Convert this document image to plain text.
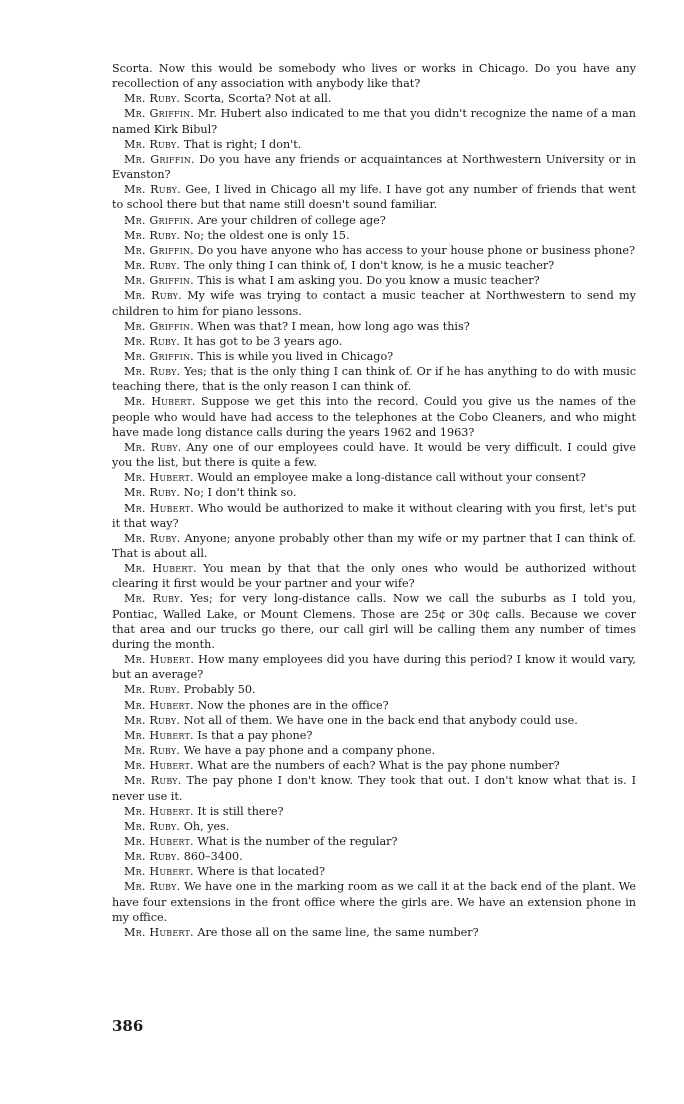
Scorta. Now this would be somebody who lives or works in Chicago. Do you have any recollection of any association with anybody like that?

Mr. Ruby. Scorta, Scorta? Not at all.

Mr. Griffin. Mr. Hubert also indicated to me that you didn't recognize the name of a man named Kirk Bibul?

Mr. Ruby. That is right; I don't.

Mr. Griffin. Do you have any friends or acquaintances at Northwestern University or in Evanston?

Mr. Ruby. Gee, I lived in Chicago all my life. I have got any number of friends that went to school there but that name still doesn't sound familiar.

Mr. Griffin. Are your children of college age?

Mr. Ruby. No; the oldest one is only 15.

Mr. Griffin. Do you have anyone who has access to your house phone or business phone?

Mr. Ruby. The only thing I can think of, I don't know, is he a music teacher?

Mr. Griffin. This is what I am asking you. Do you know a music teacher?

Mr. Ruby. My wife was trying to contact a music teacher at Northwestern to send my children to him for piano lessons.

Mr. Griffin. When was that? I mean, how long ago was this?

Mr. Ruby. It has got to be 3 years ago.

Mr. Griffin. This is while you lived in Chicago?

Mr. Ruby. Yes; that is the only thing I can think of. Or if he has anything to do with music teaching there, that is the only reason I can think of.

Mr. Hubert. Suppose we get this into the record. Could you give us the names of the people who would have had access to the telephones at the Cobo Cleaners, and who might have made long distance calls during the years 1962 and 1963?

Mr. Ruby. Any one of our employees could have. It would be very difficult. I could give you the list, but there is quite a few.

Mr. Hubert. Would an employee make a long-distance call without your consent?

Mr. Ruby. No; I don't think so.

Mr. Hubert. Who would be authorized to make it without clearing with you first, let's put it that way?

Mr. Ruby. Anyone; anyone probably other than my wife or my partner that I can think of. That is about all.

Mr. Hubert. You mean by that that the only ones who would be authorized without clearing it first would be your partner and your wife?

Mr. Ruby. Yes; for very long-distance calls. Now we call the suburbs as I told you, Pontiac, Walled Lake, or Mount Clemens. Those are 25¢ or 30¢ calls. Because we cover that area and our trucks go there, our call girl will be calling them any number of times during the month.

Mr. Hubert. How many employees did you have during this period? I know it would vary, but an average?

Mr. Ruby. Probably 50.

Mr. Hubert. Now the phones are in the office?

Mr. Ruby. Not all of them. We have one in the back end that anybody could use.

Mr. Hubert. Is that a pay phone?

Mr. Ruby. We have a pay phone and a company phone.

Mr. Hubert. What are the numbers of each? What is the pay phone number?

Mr. Ruby. The pay phone I don't know. They took that out. I don't know what that is. I never use it.

Mr. Hubert. It is still there?

Mr. Ruby. Oh, yes.

Mr. Hubert. What is the number of the regular?

Mr. Ruby. 860–3400.

Mr. Hubert. Where is that located?

Mr. Ruby. We have one in the marking room as we call it at the back end of the plant. We have four extensions in the front office where the girls are. We have an extension phone in my office.

Mr. Hubert. Are those all on the same line, the same number?

386
